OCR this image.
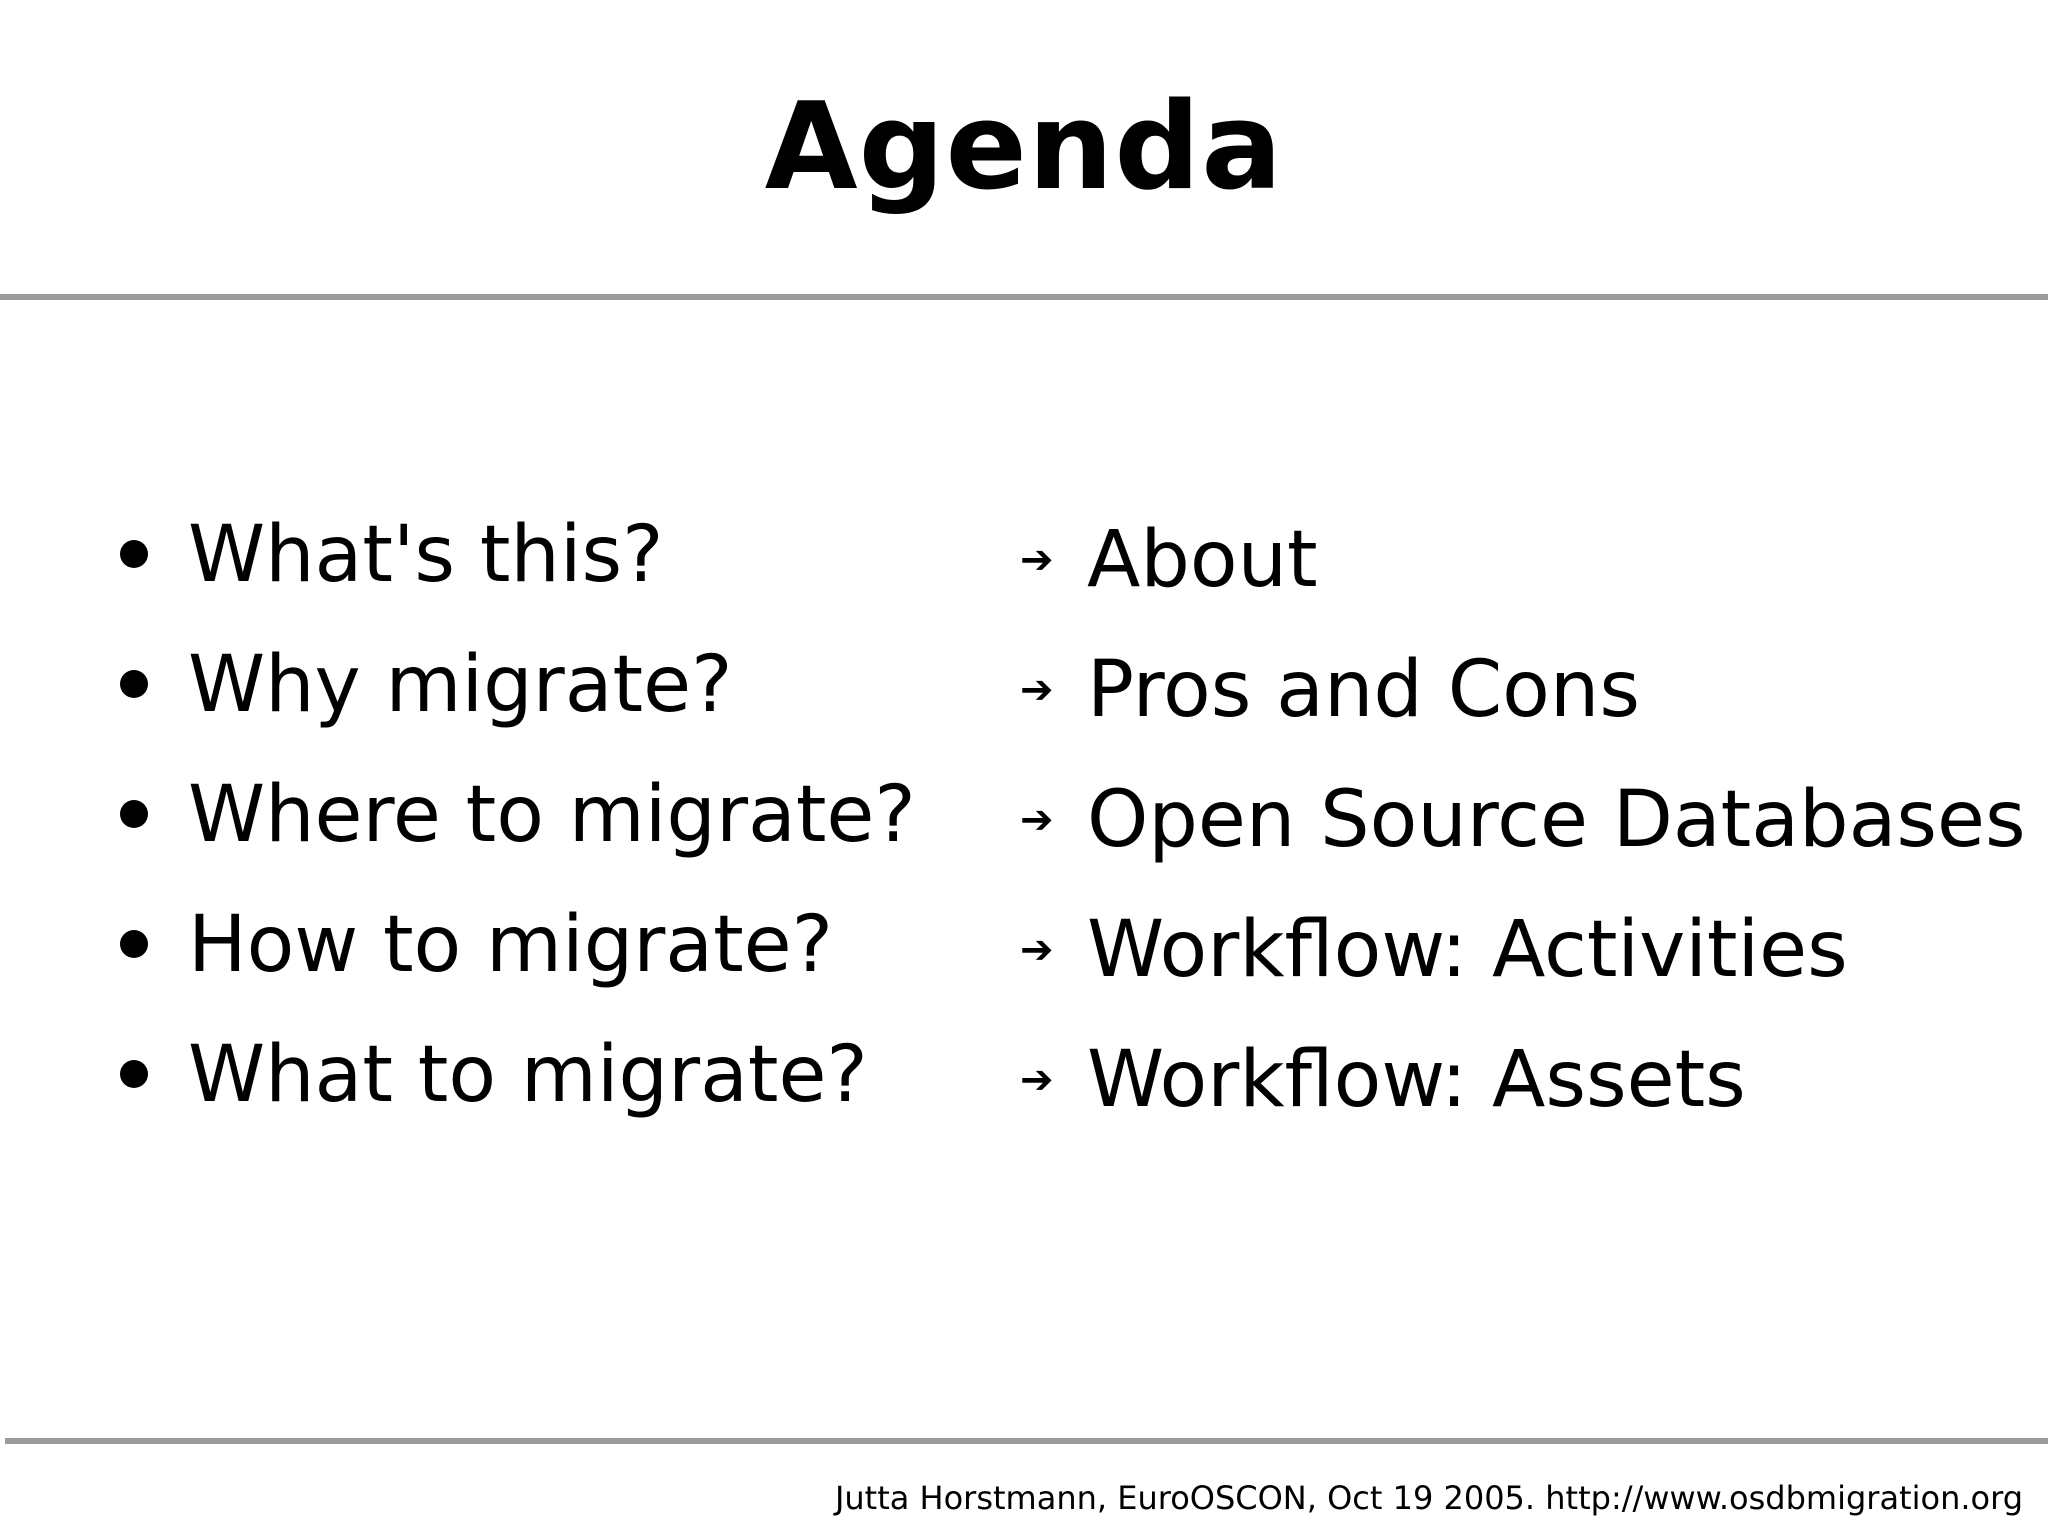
Agenda
What's this?
Why migrate?
Where to migrate?
How to migrate?
What to migrate?
➔ About
➔ Pros and Cons
➔ Open Source Databases
➔ Workflow: Activities
➔ Workflow: Assets
Jutta Horstmann, EuroOSCON, Oct 19 2005. http://www.osdbmigration.org
